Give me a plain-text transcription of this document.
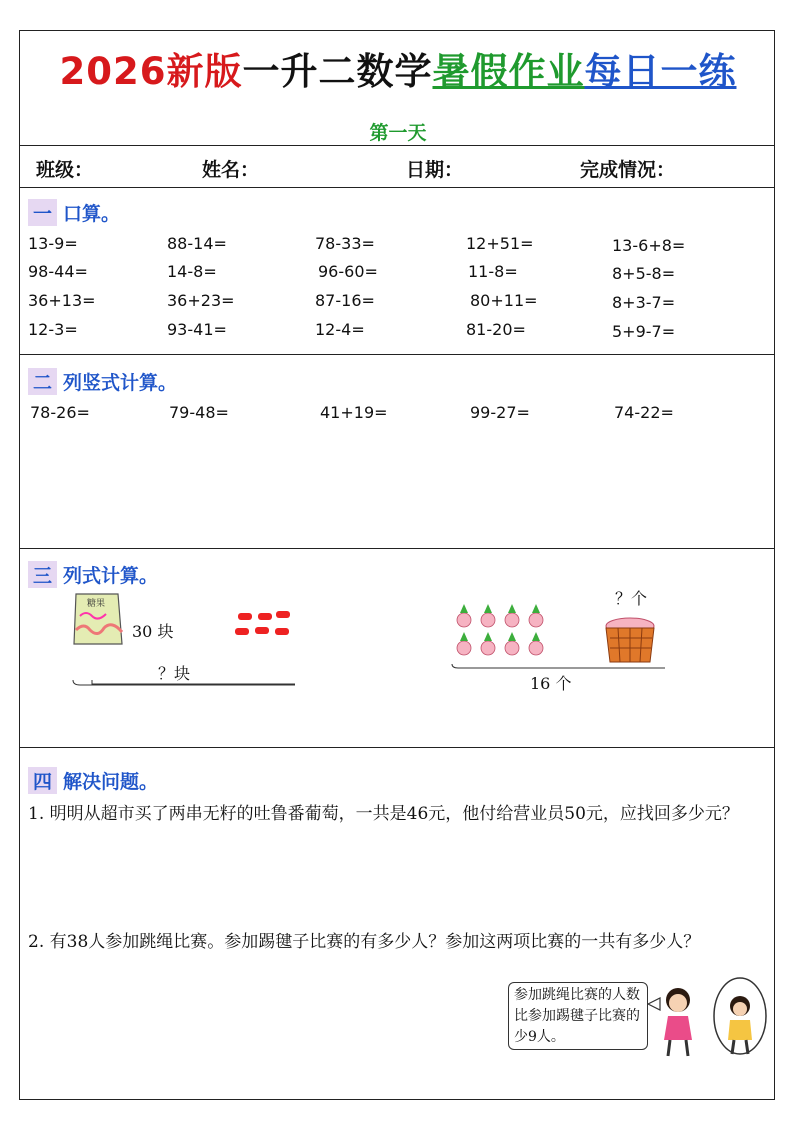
2026新版一升二数学暑假作业每日一练
第一天
班级：	姓名：	日期：	完成情况：
一 口算。
13-9=	88-14=	78-33=	12+51=	13-6+8=
98-44=	14-8=	96-60=	11-8=	8+5-8=
36+13=	36+23=	87-16=	80+11=	8+3-7=
12-3=	93-41=	12-4=	81-20=	5+9-7=
二 列竖式计算。
78-26=	79-48=	41+19=	99-27=	74-22=
三 列式计算。
糖果
30 块
？块
？个
16 个
四 解决问题。
1. 明明从超市买了两串无籽的吐鲁番葡萄，一共是46元，他付给营业员50元，应找回多少元？
2. 有38人参加跳绳比赛。参加踢毽子比赛的有多少人？参加这两项比赛的一共有多少人？
参加跳绳比赛的人数比参加踢毽子比赛的少9人。
